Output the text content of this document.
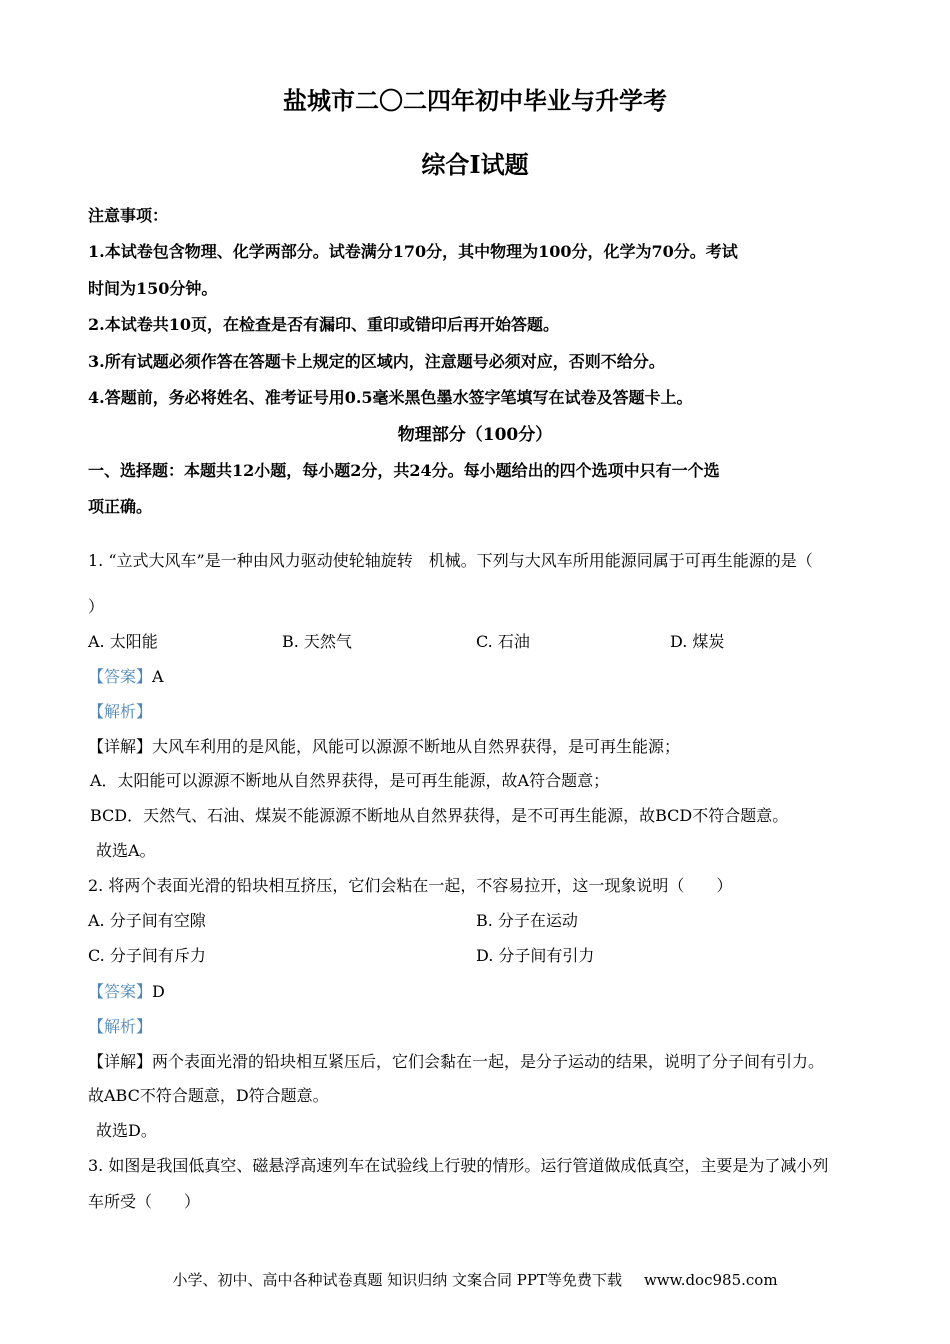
盐城市二〇二四年初中毕业与升学考
综合Ⅰ试题
注意事项：
1.本试卷包含物理、化学两部分。试卷满分170分，其中物理为100分，化学为70分。考试
时间为150分钟。
2.本试卷共10页，在检查是否有漏印、重印或错印后再开始答题。
3.所有试题必须作答在答题卡上规定的区域内，注意题号必须对应，否则不给分。
4.答题前，务必将姓名、准考证号用0.5毫米黑色墨水签字笔填写在试卷及答题卡上。
物理部分（100分）
一、选择题：本题共12小题，每小题2分，共24分。每小题给出的四个选项中只有一个选
项正确。
1. “立式大风车”是一种由风力驱动使轮轴旋转　机械。下列与大风车所用能源同属于可再生能源的是（
）
A. 太阳能	B. 天然气	C. 石油	D. 煤炭
【答案】A
【解析】
【详解】大风车利用的是风能，风能可以源源不断地从自然界获得，是可再生能源；
A．太阳能可以源源不断地从自然界获得，是可再生能源，故A符合题意；
BCD．天然气、石油、煤炭不能源源不断地从自然界获得，是不可再生能源，故BCD不符合题意。
故选A。
2. 将两个表面光滑的铅块相互挤压，它们会粘在一起，不容易拉开，这一现象说明（　　）
A. 分子间有空隙	B. 分子在运动
C. 分子间有斥力	D. 分子间有引力
【答案】D
【解析】
【详解】两个表面光滑的铅块相互紧压后，它们会黏在一起，是分子运动的结果，说明了分子间有引力。
故ABC不符合题意，D符合题意。
故选D。
3. 如图是我国低真空、磁悬浮高速列车在试验线上行驶的情形。运行管道做成低真空，主要是为了减小列
车所受（　　）
小学、初中、高中各种试卷真题 知识归纳 文案合同 PPT等免费下载 www.doc985.com
